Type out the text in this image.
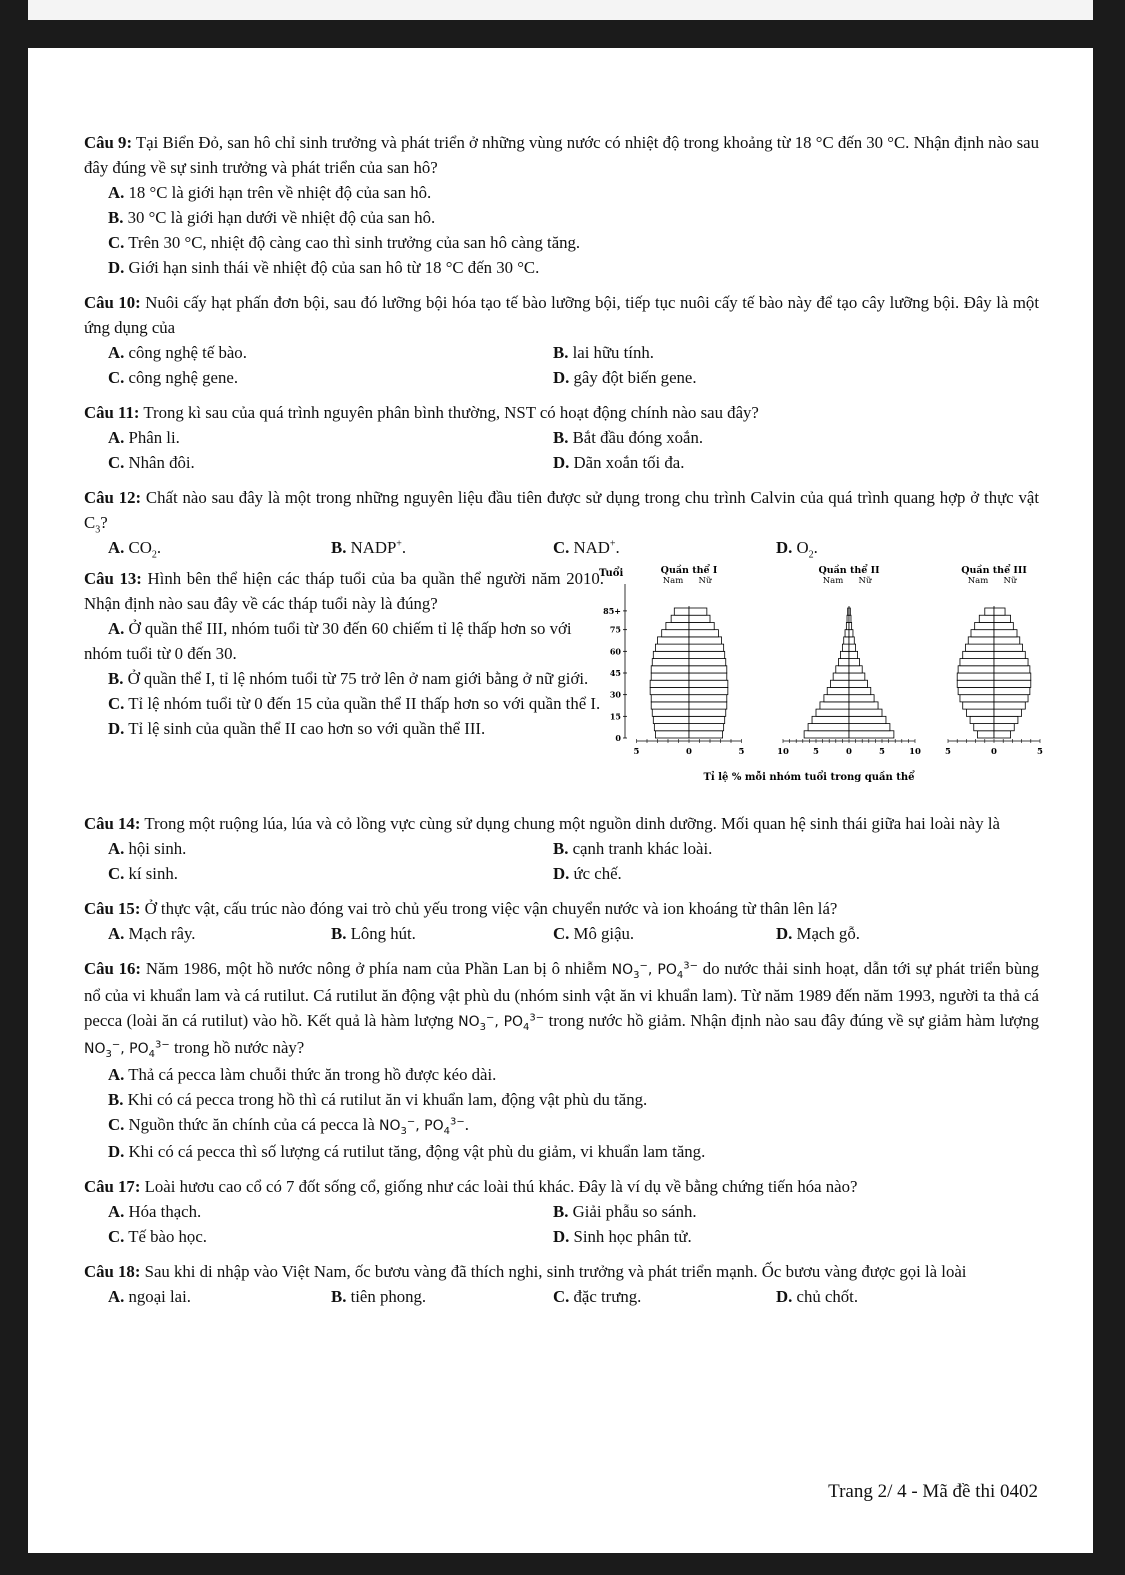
Câu 9: Tại Biển Đỏ, san hô chỉ sinh trưởng và phát triển ở những vùng nước có nhiệt độ trong khoảng từ 18 °C đến 30 °C. Nhận định nào sau đây đúng về sự sinh trưởng và phát triển của san hô?
A. 18 °C là giới hạn trên về nhiệt độ của san hô.
B. 30 °C là giới hạn dưới về nhiệt độ của san hô.
C. Trên 30 °C, nhiệt độ càng cao thì sinh trưởng của san hô càng tăng.
D. Giới hạn sinh thái về nhiệt độ của san hô từ 18 °C đến 30 °C.
Câu 10: Nuôi cấy hạt phấn đơn bội, sau đó lưỡng bội hóa tạo tế bào lưỡng bội, tiếp tục nuôi cấy tế bào này để tạo cây lưỡng bội. Đây là một ứng dụng của
A. công nghệ tế bào.	B. lai hữu tính.
C. công nghệ gene.	D. gây đột biến gene.
Câu 11: Trong kì sau của quá trình nguyên phân bình thường, NST có hoạt động chính nào sau đây?
A. Phân li.	B. Bắt đầu đóng xoắn.
C. Nhân đôi.	D. Dãn xoắn tối đa.
Câu 12: Chất nào sau đây là một trong những nguyên liệu đầu tiên được sử dụng trong chu trình Calvin của quá trình quang hợp ở thực vật $C_3$?
A. $CO_2$.	B. NADP+.	C. NAD+.	D. $O_2$.
Câu 13: Hình bên thể hiện các tháp tuổi của ba quần thể người năm 2010. Nhận định nào sau đây về các tháp tuổi này là đúng?
A. Ở quần thể III, nhóm tuổi từ 30 đến 60 chiếm tỉ lệ thấp hơn so với nhóm tuổi từ 0 đến 30.
B. Ở quần thể I, tỉ lệ nhóm tuổi từ 75 trở lên ở nam giới bằng ở nữ giới.
C. Tỉ lệ nhóm tuổi từ 0 đến 15 của quần thể II thấp hơn so với quần thể I.
D. Tỉ lệ sinh của quần thể II cao hơn so với quần thể III.
Tuổi
Tỉ lệ % mỗi nhóm tuổi trong quần thể
85+
75
60
45
30
15
0
Quần thể I
Nam Nữ
5	0	5
Quần thể II
Nam Nữ
10	5	0	5	10
Quần thể III
Nam Nữ
5	0	5
Câu 14: Trong một ruộng lúa, lúa và cỏ lồng vực cùng sử dụng chung một nguồn dinh dưỡng. Mối quan hệ sinh thái giữa hai loài này là
A. hội sinh.	B. cạnh tranh khác loài.
C. kí sinh.	D. ức chế.
Câu 15: Ở thực vật, cấu trúc nào đóng vai trò chủ yếu trong việc vận chuyển nước và ion khoáng từ thân lên lá?
A. Mạch rây.	B. Lông hút.	C. Mô giậu.	D. Mạch gỗ.
Câu 16: Năm 1986, một hồ nước nông ở phía nam của Phần Lan bị ô nhiễm $NO_3^-$, $PO_4^{3-}$ do nước thải sinh hoạt, dẫn tới sự phát triển bùng nổ của vi khuẩn lam và cá rutilut. Cá rutilut ăn động vật phù du (nhóm sinh vật ăn vi khuẩn lam). Từ năm 1989 đến năm 1993, người ta thả cá pecca (loài ăn cá rutilut) vào hồ. Kết quả là hàm lượng $NO_3^-$, $PO_4^{3-}$ trong nước hồ giảm. Nhận định nào sau đây đúng về sự giảm hàm lượng $NO_3^-$, $PO_4^{3-}$ trong hồ nước này?
A. Thả cá pecca làm chuỗi thức ăn trong hồ được kéo dài.
B. Khi có cá pecca trong hồ thì cá rutilut ăn vi khuẩn lam, động vật phù du tăng.
C. Nguồn thức ăn chính của cá pecca là $NO_3^-$, $PO_4^{3-}$.
D. Khi có cá pecca thì số lượng cá rutilut tăng, động vật phù du giảm, vi khuẩn lam tăng.
Câu 17: Loài hươu cao cổ có 7 đốt sống cổ, giống như các loài thú khác. Đây là ví dụ về bằng chứng tiến hóa nào?
A. Hóa thạch.	B. Giải phẫu so sánh.
C. Tế bào học.	D. Sinh học phân tử.
Câu 18: Sau khi di nhập vào Việt Nam, ốc bươu vàng đã thích nghi, sinh trưởng và phát triển mạnh. Ốc bươu vàng được gọi là loài
A. ngoại lai.	B. tiên phong.	C. đặc trưng.	D. chủ chốt.
Trang 2/ 4 - Mã đề thi 0402
